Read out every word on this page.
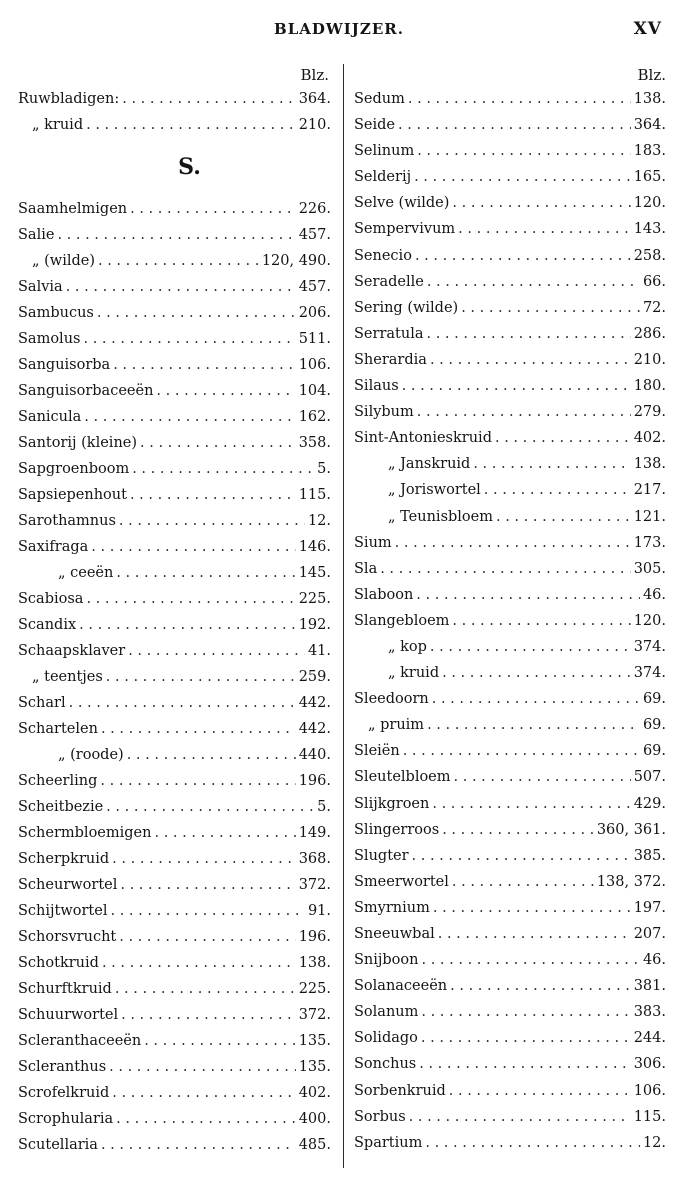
BLADWIJZER.	XV
Blz.
Ruwbladigen: . . .	364.
„ kruid . . .	210.
S.
Saamhelmigen . . .	226.
Salie . . .	457.
„ (wilde) . . .	120, 490.
Salvia . . .	457.
Sambucus . . .	206.
Samolus . . .	511.
Sanguisorba . . .	106.
Sanguisorbaceeën . . .	104.
Sanicula . . .	162.
Santorij (kleine) . . .	358.
Sapgroenboom . . .	5.
Sapsiepenhout . . .	115.
Sarothamnus . . .	12.
Saxifraga . . .	146.
„ ceeën . . .	145.
Scabiosa . . .	225.
Scandix . . .	192.
Schaapsklaver . . .	41.
„ teentjes . . .	259.
Scharl . . .	442.
Schartelen . . .	442.
„ (roode) . . .	440.
Scheerling . . .	196.
Scheitbezie . . .	5.
Schermbloemigen . . .	149.
Scherpkruid . . .	368.
Scheurwortel . . .	372.
Schijtwortel . . .	91.
Schorsvrucht . . .	196.
Schotkruid . . .	138.
Schurftkruid . . .	225.
Schuurwortel . . .	372.
Scleranthaceeën . . .	135.
Scleranthus . . .	135.
Scrofelkruid . . .	402.
Scrophularia . . .	400.
Scutellaria . . .	485.
Blz.
Sedum . . .	138.
Seide . . .	364.
Selinum . . .	183.
Selderij . . .	165.
Selve (wilde) . . .	120.
Sempervivum . . .	143.
Senecio . . .	258.
Seradelle . . .	66.
Sering (wilde) . . .	72.
Serratula . . .	286.
Sherardia . . .	210.
Silaus . . .	180.
Silybum . . .	279.
Sint-Antonieskruid . . .	402.
„ Janskruid . . .	138.
„ Joriswortel . . .	217.
„ Teunisbloem . . .	121.
Sium . . .	173.
Sla . . .	305.
Slaboon . . .	46.
Slangebloem . . .	120.
„ kop . . .	374.
„ kruid . . .	374.
Sleedoorn . . .	69.
„ pruim . . .	69.
Sleiën . . .	69.
Sleutelbloem . . .	507.
Slijkgroen . . .	429.
Slingerroos . . .	360, 361.
Slugter . . .	385.
Smeerwortel . . .	138, 372.
Smyrnium . . .	197.
Sneeuwbal . . .	207.
Snijboon . . .	46.
Solanaceeën . . .	381.
Solanum . . .	383.
Solidago . . .	244.
Sonchus . . .	306.
Sorbenkruid . . .	106.
Sorbus . . .	115.
Spartium . . .	12.
